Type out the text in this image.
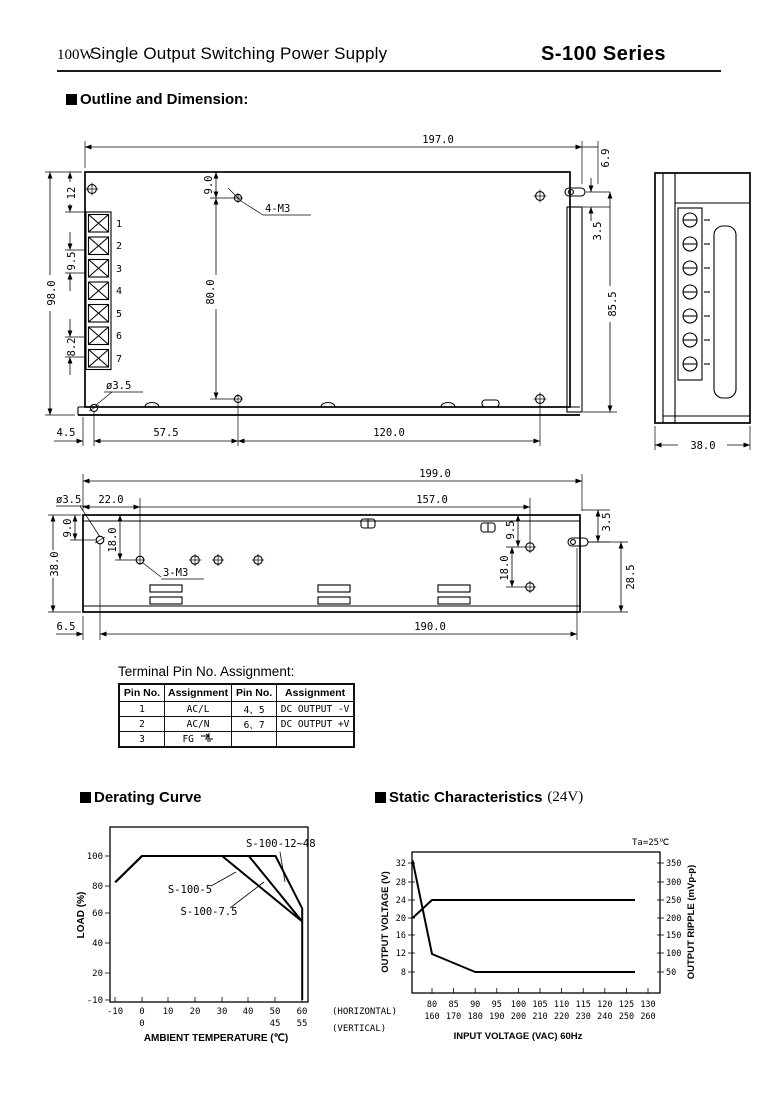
100W
Single Output Switching Power Supply	S-100 Series
Outline and Dimension:
1
2
3
4
5
6
7
197.0
6.9
98.0
12
9.5
8.2
9.0
80.0
4-M3
ø3.5
3.5
85.5
4.5	57.5	120.0
38.0
199.0
22.0	157.0
ø3.5
9.0
38.0
18.0
3-M3
9.5
18.0
3.5
28.5
6.5	190.0
Terminal Pin No. Assignment:
Pin No.	Assignment	Pin No.	Assignment
1	AC/L	4、5	DC OUTPUT -V
2	AC/N	6、7	DC OUTPUT +V
3	FG		
Derating Curve	Static Characteristics (24V)
100
80
60
40
20
-10
LOAD (%)
-10 0 10 20 30 40 50 60
0	45 55
AMBIENT TEMPERATURE (℃)
S-100-12~48
S-100-5
S-100-7.5
(HORIZONTAL)
(VERTICAL)
Ta=25℃
32
28
24
20
16
12
8
OUTPUT VOLTAGE (V)
350
300
250
200
150
100
50 OUTPUT RIPPLE (mVp-p)
80 85 90 95 100 105 110 115 120 125 130
160 170 180 190 200 210 220 230 240 250 260
INPUT VOLTAGE (VAC) 60Hz
